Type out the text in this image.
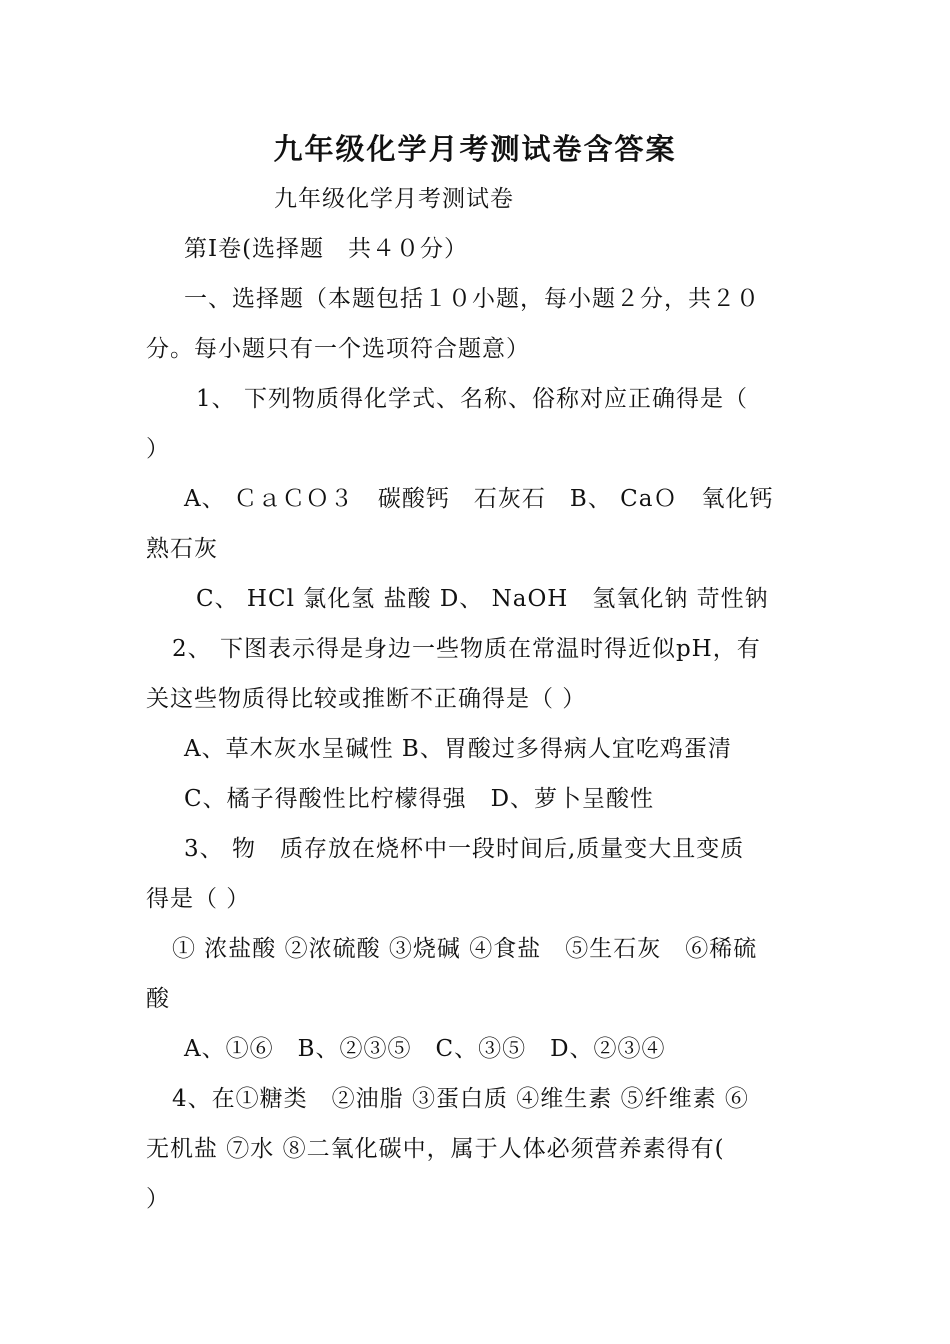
九年级化学月考测试卷含答案
九年级化学月考测试卷
第Ⅰ卷(选择题　共４０分）
一、选择题（本题包括１０小题，每小题２分，共２０
分。每小题只有一个选项符合题意）
1、 下列物质得化学式、名称、俗称对应正确得是（
）
A、 ＣａＣＯ３　碳酸钙　石灰石　B、 CaＯ　氧化钙
熟石灰
C、 HCl 氯化氢 盐酸 D、 NaOH　氢氧化钠 苛性钠
2、 下图表示得是身边一些物质在常温时得近似pH，有
关这些物质得比较或推断不正确得是（ ）
A、草木灰水呈碱性 B、胃酸过多得病人宜吃鸡蛋清
C、橘子得酸性比柠檬得强　D、萝卜呈酸性
3、 物　质存放在烧杯中一段时间后,质量变大且变质
得是（ ）
① 浓盐酸 ②浓硫酸 ③烧碱 ④食盐　⑤生石灰　⑥稀硫
酸
A、①⑥　B、②③⑤　C、③⑤　D、②③④
4、在①糖类　②油脂 ③蛋白质 ④维生素 ⑤纤维素 ⑥
无机盐 ⑦水 ⑧二氧化碳中，属于人体必须营养素得有(
）
